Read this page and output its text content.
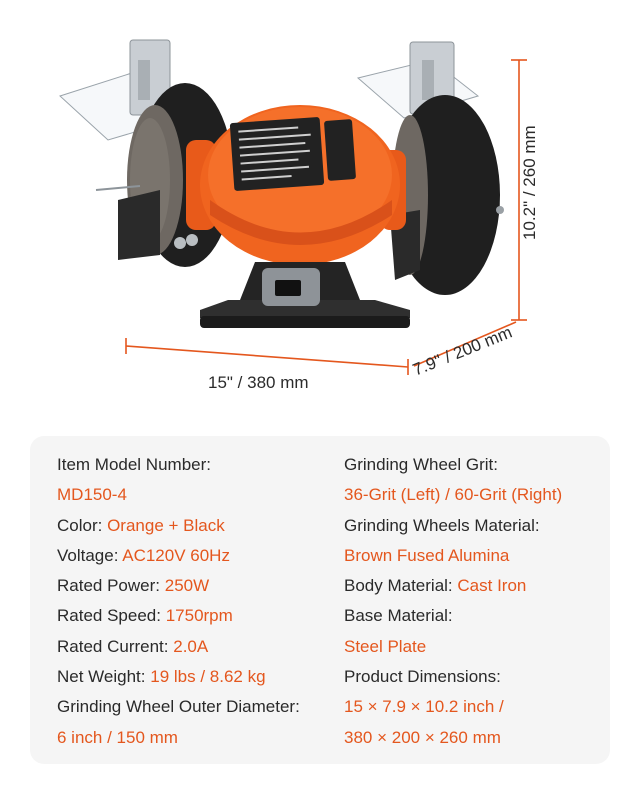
15" / 380 mm
7.9" / 200 mm
10.2" / 260 mm
Item Model Number:
MD150-4
Color: Orange + Black
Voltage: AC120V 60Hz
Rated Power: 250W
Rated Speed: 1750rpm
Rated Current: 2.0A
Net Weight: 19 lbs / 8.62 kg
Grinding Wheel Outer Diameter:
6 inch / 150 mm
Grinding Wheel Grit:
36-Grit (Left) / 60-Grit (Right)
Grinding Wheels Material:
Brown Fused Alumina
Body Material: Cast Iron
Base Material:
Steel Plate
Product Dimensions:
15 × 7.9 × 10.2 inch /
380 × 200 × 260 mm
